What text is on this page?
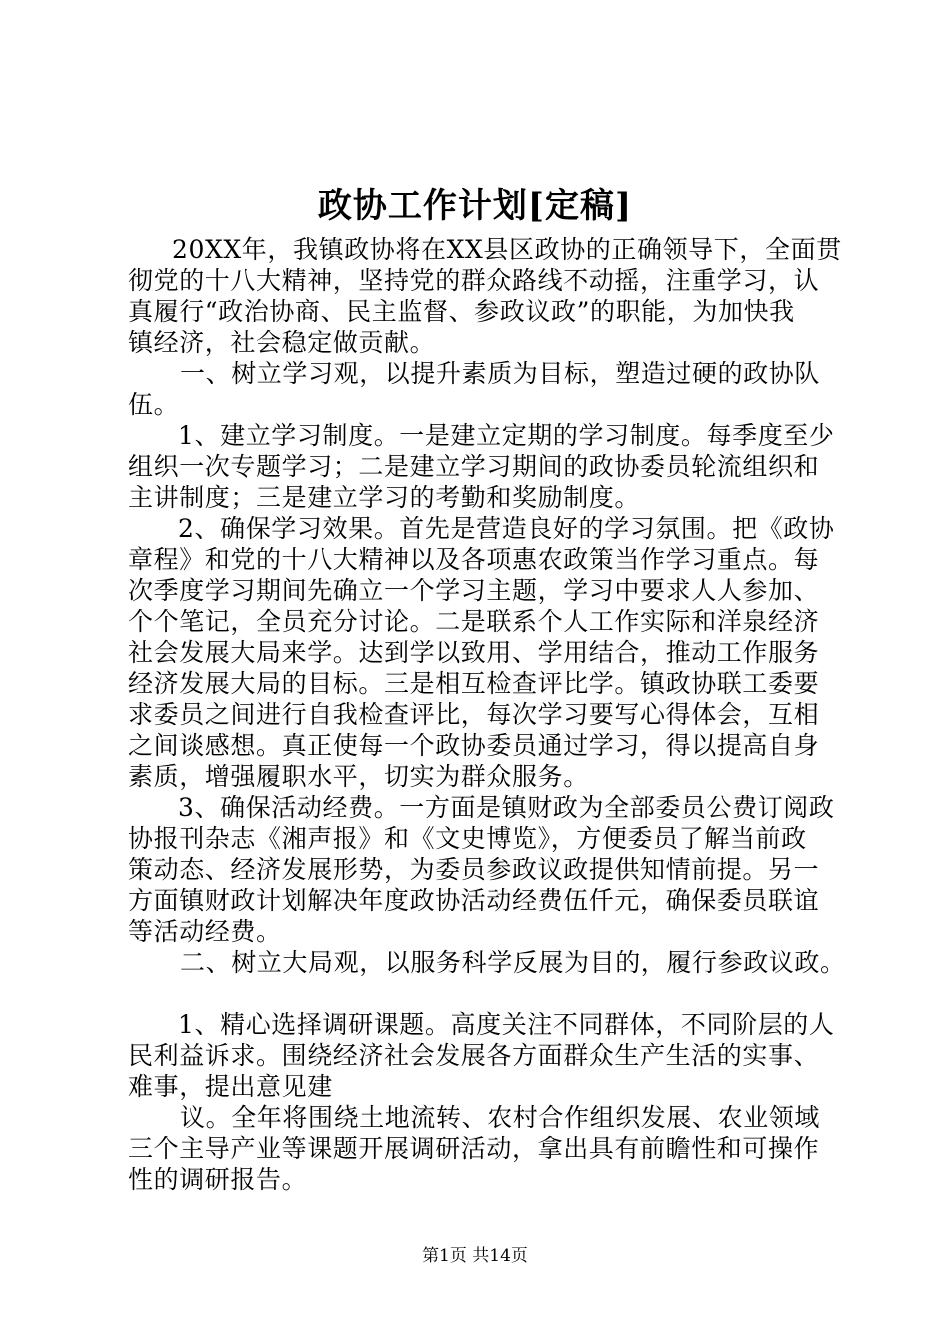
政协工作计划[定稿]
20XX年，我镇政协将在XX县区政协的正确领导下，全面贯
彻党的十八大精神，坚持党的群众路线不动摇，注重学习，认
真履行“政治协商、民主监督、参政议政”的职能，为加快我
镇经济，社会稳定做贡献。
一、树立学习观，以提升素质为目标，塑造过硬的政协队
伍。
1、建立学习制度。一是建立定期的学习制度。每季度至少
组织一次专题学习；二是建立学习期间的政协委员轮流组织和
主讲制度；三是建立学习的考勤和奖励制度。
2、确保学习效果。首先是营造良好的学习氛围。把《政协
章程》和党的十八大精神以及各项惠农政策当作学习重点。每
次季度学习期间先确立一个学习主题，学习中要求人人参加、
个个笔记，全员充分讨论。二是联系个人工作实际和洋泉经济
社会发展大局来学。达到学以致用、学用结合，推动工作服务
经济发展大局的目标。三是相互检查评比学。镇政协联工委要
求委员之间进行自我检查评比，每次学习要写心得体会，互相
之间谈感想。真正使每一个政协委员通过学习，得以提高自身
素质，增强履职水平，切实为群众服务。
3、确保活动经费。一方面是镇财政为全部委员公费订阅政
协报刊杂志《湘声报》和《文史博览》，方便委员了解当前政
策动态、经济发展形势，为委员参政议政提供知情前提。另一
方面镇财政计划解决年度政协活动经费伍仟元，确保委员联谊
等活动经费。
二、树立大局观，以服务科学反展为目的，履行参政议政。
1、精心选择调研课题。高度关注不同群体，不同阶层的人
民利益诉求。围绕经济社会发展各方面群众生产生活的实事、
难事，提出意见建
议。全年将围绕土地流转、农村合作组织发展、农业领域
三个主导产业等课题开展调研活动，拿出具有前瞻性和可操作
性的调研报告。
第1页 共14页
